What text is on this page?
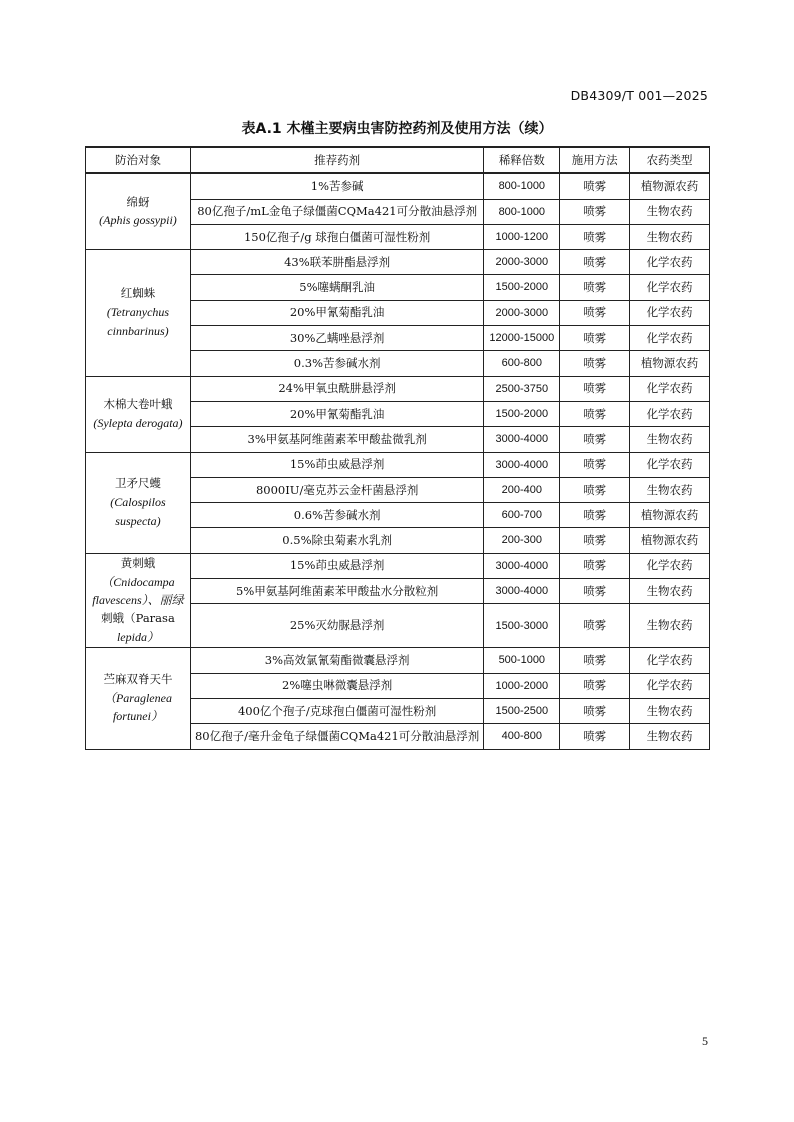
DB4309/T 001—2025
表A.1 木槿主要病虫害防控药剂及使用方法（续）
防治对象	推荐药剂	稀释倍数	施用方法	农药类型

绵蚜
(Aphis gossypii)	1%苦参碱	800-1000	喷雾	植物源农药
	80亿孢子/mL金龟子绿僵菌CQMa421可分散油悬浮剂	800-1000	喷雾	生物农药
	150亿孢子/g 球孢白僵菌可湿性粉剂	1000-1200	喷雾	生物农药

红蜘蛛
(Tetranychus
cinnbarinus)	43%联苯肼酯悬浮剂	2000-3000	喷雾	化学农药
	5%噻螨酮乳油	1500-2000	喷雾	化学农药
	20%甲氰菊酯乳油	2000-3000	喷雾	化学农药
	30%乙螨唑悬浮剂	12000-15000	喷雾	化学农药
	0.3%苦参碱水剂	600-800	喷雾	植物源农药

木棉大卷叶蛾
(Sylepta derogata)	24%甲氧虫酰肼悬浮剂	2500-3750	喷雾	化学农药
	20%甲氰菊酯乳油	1500-2000	喷雾	化学农药
	3%甲氨基阿维菌素苯甲酸盐微乳剂	3000-4000	喷雾	生物农药

卫矛尺蠖
(Calospilos
suspecta)	15%茚虫威悬浮剂	3000-4000	喷雾	化学农药
	8000IU/毫克苏云金杆菌悬浮剂	200-400	喷雾	生物农药
	0.6%苦参碱水剂	600-700	喷雾	植物源农药
	0.5%除虫菊素水乳剂	200-300	喷雾	植物源农药

黄刺蛾
（Cnidocampa
flavescens）、丽绿
刺蛾（Parasa
lepida）	15%茚虫威悬浮剂	3000-4000	喷雾	化学农药
	5%甲氨基阿维菌素苯甲酸盐水分散粒剂	3000-4000	喷雾	生物农药
	25%灭幼脲悬浮剂	1500-3000	喷雾	生物农药

苎麻双脊天牛
（Paraglenea
fortunei）	3%高效氯氰菊酯微囊悬浮剂	500-1000	喷雾	化学农药
	2%噻虫啉微囊悬浮剂	1000-2000	喷雾	化学农药
	400亿个孢子/克球孢白僵菌可湿性粉剂	1500-2500	喷雾	生物农药
	80亿孢子/毫升金龟子绿僵菌CQMa421可分散油悬浮剂	400-800	喷雾	生物农药
5
